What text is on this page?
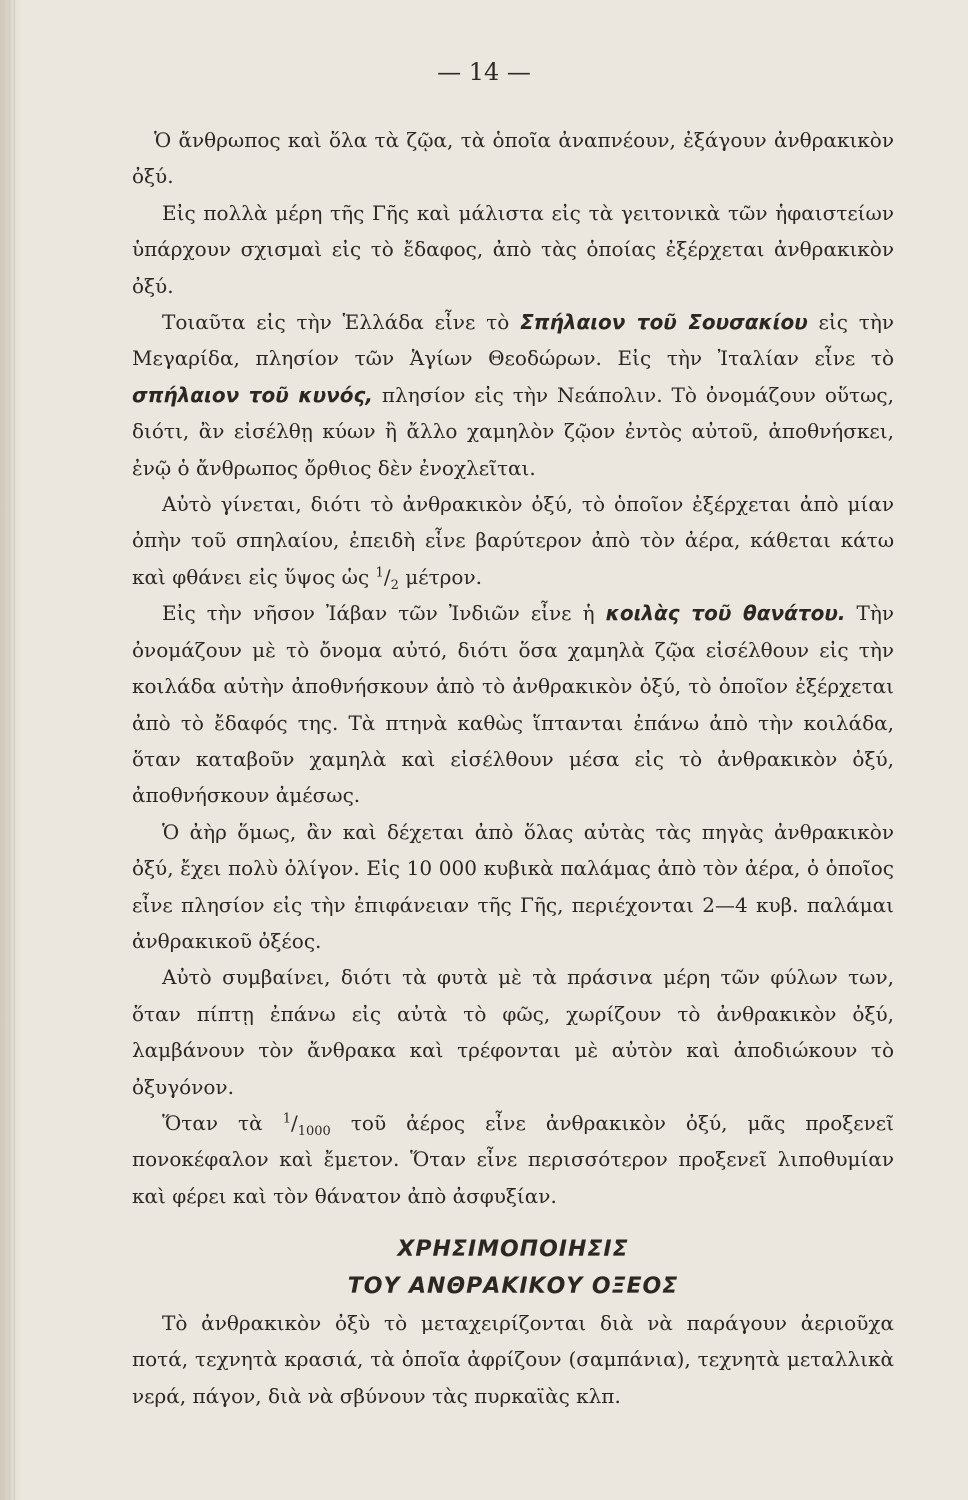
— 14 —

Ὁ ἄνθρωπος καὶ ὅλα τὰ ζῷα, τὰ ὁποῖα ἀναπνέουν, ἐξάγουν ἀνθρακικὸν ὀξύ.

Εἰς πολλὰ μέρη τῆς Γῆς καὶ μάλιστα εἰς τὰ γειτονικὰ τῶν ἡφαιστείων ὑπάρχουν σχισμαὶ εἰς τὸ ἔδαφος, ἀπὸ τὰς ὁποίας ἐξέρχεται ἀνθρακικὸν ὀξύ.

Τοιαῦτα εἰς τὴν Ἑλλάδα εἶνε τὸ Σπήλαιον τοῦ Σουσακίου εἰς τὴν Μεγαρίδα, πλησίον τῶν Ἁγίων Θεοδώρων. Εἰς τὴν Ἰταλίαν εἶνε τὸ σπήλαιον τοῦ κυνός, πλησίον εἰς τὴν Νεάπολιν. Τὸ ὀνομάζουν οὕτως, διότι, ἂν εἰσέλθῃ κύων ἢ ἄλλο χαμηλὸν ζῷον ἐντὸς αὐτοῦ, ἀποθνήσκει, ἐνῷ ὁ ἄνθρωπος ὄρθιος δὲν ἐνοχλεῖται.

Αὐτὸ γίνεται, διότι τὸ ἀνθρακικὸν ὀξύ, τὸ ὁποῖον ἐξέρχεται ἀπὸ μίαν ὀπὴν τοῦ σπηλαίου, ἐπειδὴ εἶνε βαρύτερον ἀπὸ τὸν ἀέρα, κάθεται κάτω καὶ φθάνει εἰς ὕψος ὡς $^1/_2$ μέτρον.

Εἰς τὴν νῆσον Ἰάβαν τῶν Ἰνδιῶν εἶνε ἡ κοιλὰς τοῦ θανάτου. Τὴν ὀνομάζουν μὲ τὸ ὄνομα αὐτό, διότι ὅσα χαμηλὰ ζῷα εἰσέλθουν εἰς τὴν κοιλάδα αὐτὴν ἀποθνήσκουν ἀπὸ τὸ ἀνθρακικὸν ὀξύ, τὸ ὁποῖον ἐξέρχεται ἀπὸ τὸ ἔδαφός της. Τὰ πτηνὰ καθὼς ἵπτανται ἐπάνω ἀπὸ τὴν κοιλάδα, ὅταν καταβοῦν χαμηλὰ καὶ εἰσέλθουν μέσα εἰς τὸ ἀνθρακικὸν ὀξύ, ἀποθνήσκουν ἀμέσως.

Ὁ ἀὴρ ὅμως, ἂν καὶ δέχεται ἀπὸ ὅλας αὐτὰς τὰς πηγὰς ἀνθρακικὸν ὀξύ, ἔχει πολὺ ὀλίγον. Εἰς 10 000 κυβικὰ παλάμας ἀπὸ τὸν ἀέρα, ὁ ὁποῖος εἶνε πλησίον εἰς τὴν ἐπιφάνειαν τῆς Γῆς, περιέχονται 2—4 κυβ. παλάμαι ἀνθρακικοῦ ὀξέος.

Αὐτὸ συμβαίνει, διότι τὰ φυτὰ μὲ τὰ πράσινα μέρη τῶν φύλων των, ὅταν πίπτῃ ἐπάνω εἰς αὐτὰ τὸ φῶς, χωρίζουν τὸ ἀνθρακικὸν ὀξύ, λαμβάνουν τὸν ἄνθρακα καὶ τρέφονται μὲ αὐτὸν καὶ ἀποδιώκουν τὸ ὀξυγόνον.

Ὅταν τὰ $^1/_{1000}$ τοῦ ἀέρος εἶνε ἀνθρακικὸν ὀξύ, μᾶς προξενεῖ πονοκέφαλον καὶ ἔμετον. Ὅταν εἶνε περισσότερον προξενεῖ λιποθυμίαν καὶ φέρει καὶ τὸν θάνατον ἀπὸ ἀσφυξίαν.

ΧΡΗΣΙΜΟΠΟΙΗΣΙΣ
ΤΟΥ ΑΝΘΡΑΚΙΚΟΥ ΟΞΕΟΣ

Τὸ ἀνθρακικὸν ὀξὺ τὸ μεταχειρίζονται διὰ νὰ παράγουν ἀεριοῦχα ποτά, τεχνητὰ κρασιά, τὰ ὁποῖα ἀφρίζουν (σαμπάνια), τεχνητὰ μεταλλικὰ νερά, πάγον, διὰ νὰ σβύνουν τὰς πυρκαϊὰς κλπ.
